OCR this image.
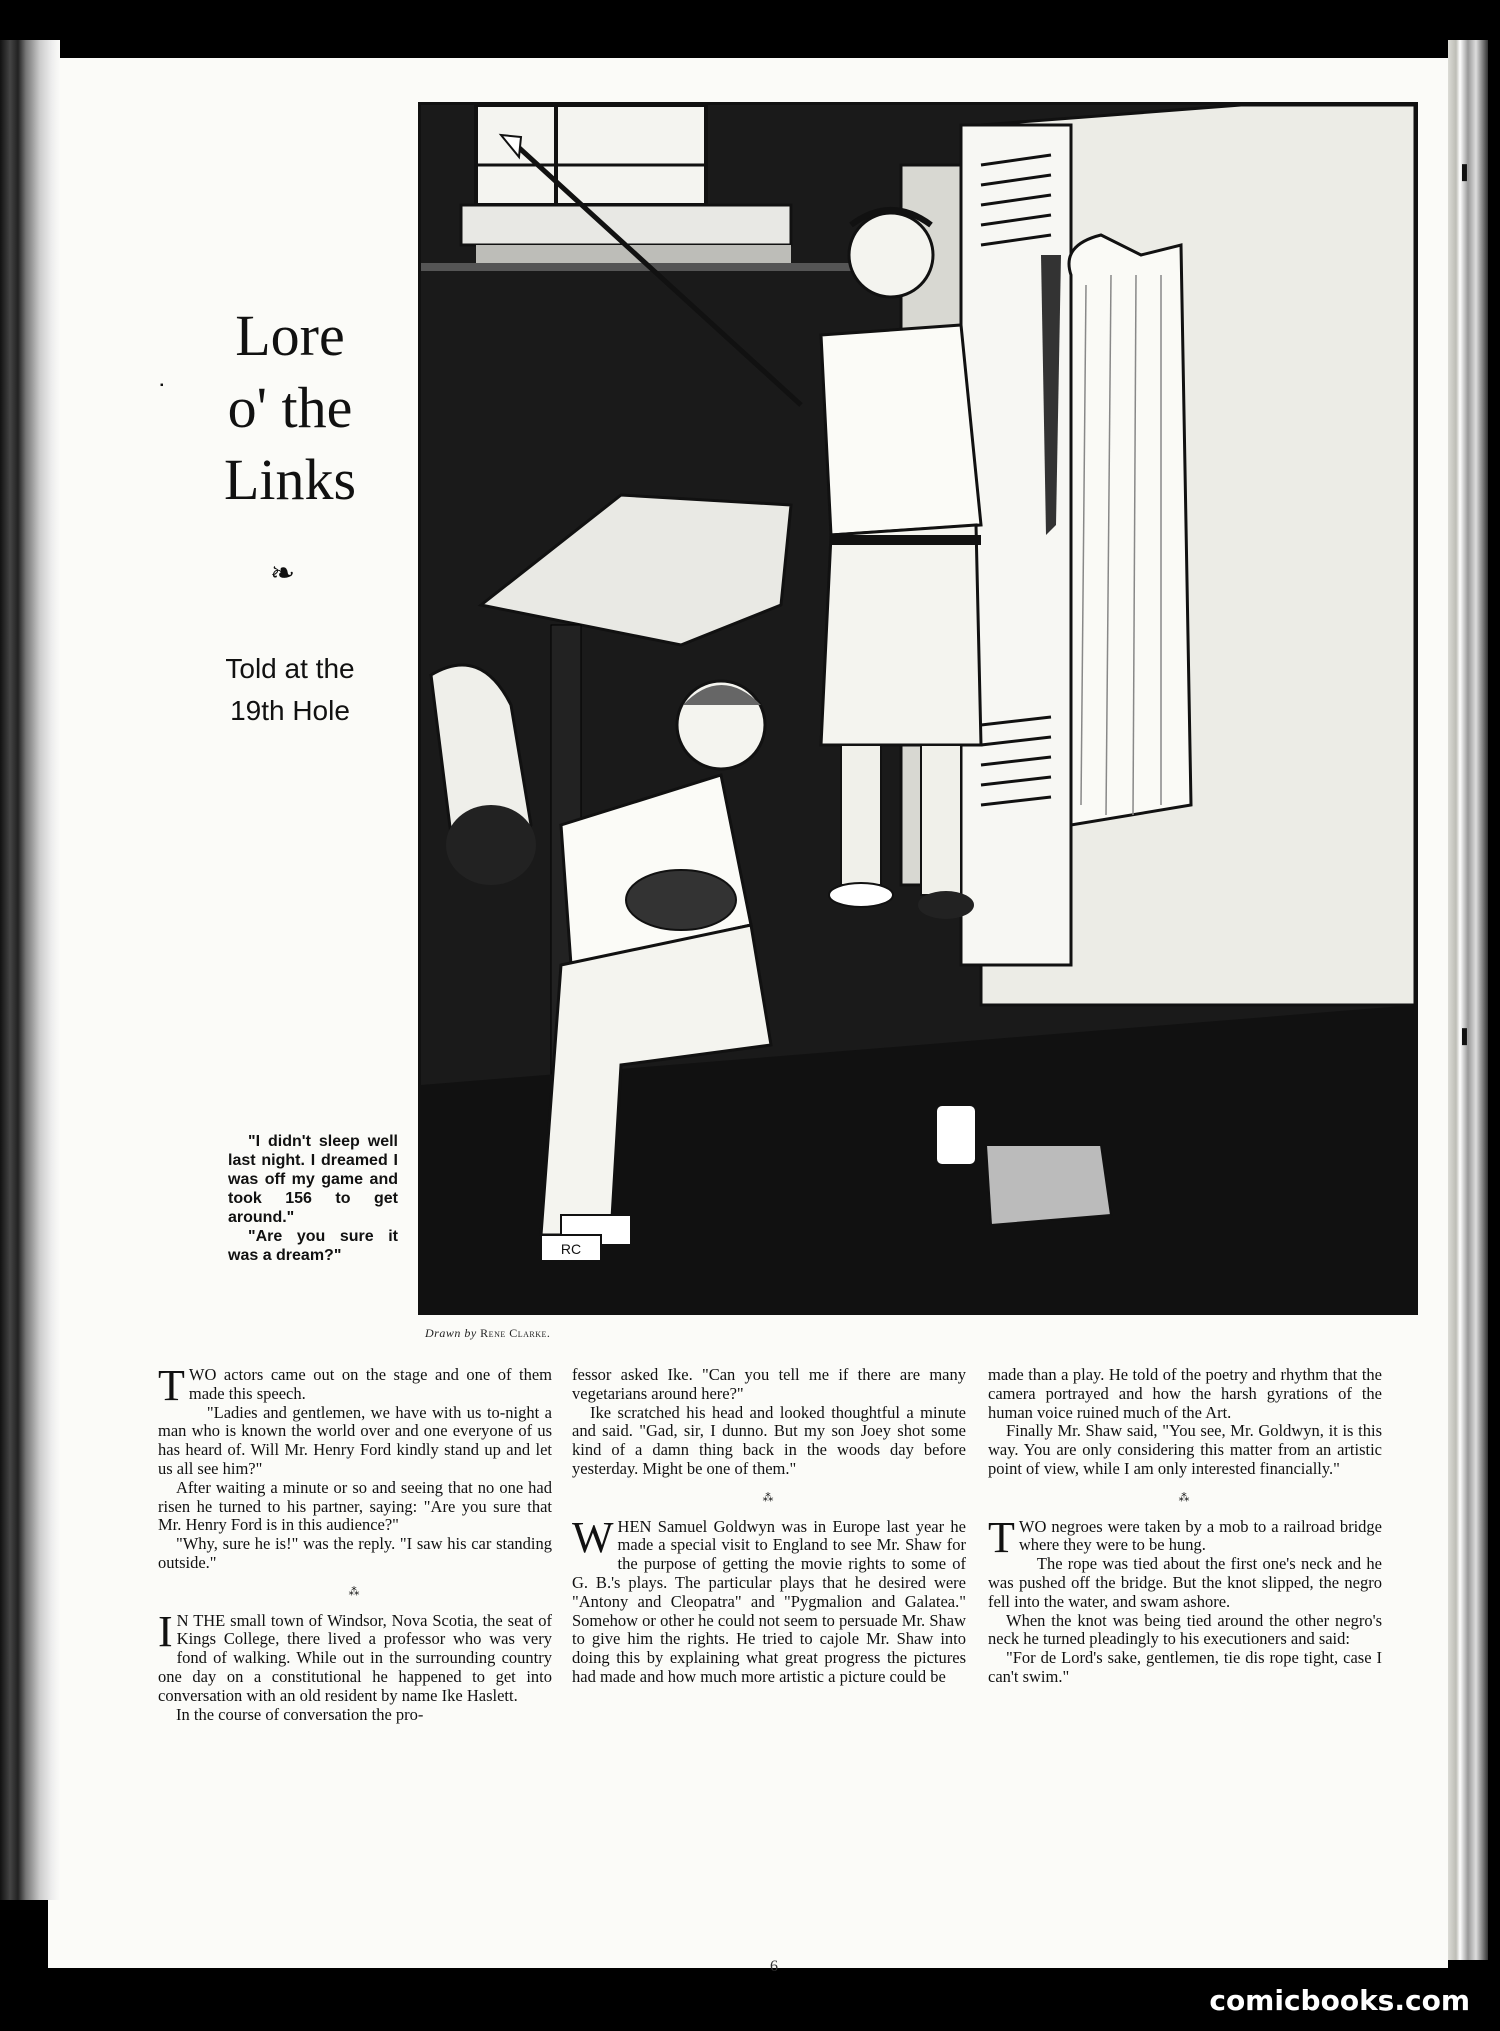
▌
▌
▪
Lore
o' the
Links
❧
Told at the
19th Hole

"I didn't sleep well last night. I dreamed I was off my game and took 156 to get around."

"Are you sure it was a dream?"	RC
Drawn by Rene Clarke.

TWO actors came out on the stage and one of them made this speech.

"Ladies and gentlemen, we have with us to-night a man who is known the world over and one everyone of us has heard of. Will Mr. Henry Ford kindly stand up and let us all see him?"

After waiting a minute or so and seeing that no one had risen he turned to his partner, saying: "Are you sure that Mr. Henry Ford is in this audience?"

"Why, sure he is!" was the reply. "I saw his car standing outside."

⁂

I N THE small town of Windsor, Nova Scotia, the seat of Kings College, there lived a professor who was very fond of walking. While out in the surrounding country one day on a constitutional he happened to get into conversation with an old resident by name Ike Haslett.

In the course of conversation the pro-

fessor asked Ike. "Can you tell me if there are many vegetarians around here?"

Ike scratched his head and looked thoughtful a minute and said. "Gad, sir, I dunno. But my son Joey shot some kind of a damn thing back in the woods day before yesterday. Might be one of them."

⁂

WHEN Samuel Goldwyn was in Europe last year he made a special visit to England to see Mr. Shaw for the purpose of getting the movie rights to some of G. B.'s plays. The particular plays that he desired were "Antony and Cleopatra" and "Pygmalion and Galatea." Somehow or other he could not seem to persuade Mr. Shaw to give him the rights. He tried to cajole Mr. Shaw into doing this by explaining what great progress the pictures had made and how much more artistic a picture could be

made than a play. He told of the poetry and rhythm that the camera portrayed and how the harsh gyrations of the human voice ruined much of the Art.

Finally Mr. Shaw said, "You see, Mr. Goldwyn, it is this way. You are only considering this matter from an artistic point of view, while I am only interested financially."

⁂

TWO negroes were taken by a mob to a railroad bridge where they were to be hung.

The rope was tied about the first one's neck and he was pushed off the bridge. But the knot slipped, the negro fell into the water, and swam ashore.

When the knot was being tied around the other negro's neck he turned pleadingly to his executioners and said:

"For de Lord's sake, gentlemen, tie dis rope tight, case I can't swim."

6
comicbooks.com
